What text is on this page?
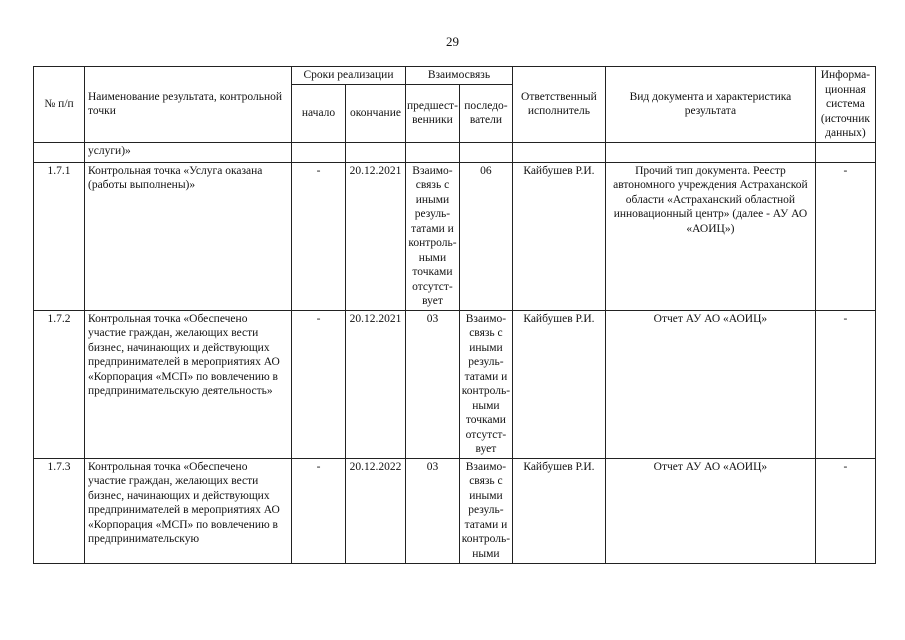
29
№ п/п	Наименование результата, контрольной точки	Сроки реализации		Взаимосвязь		Ответственный исполнитель	Вид документа и характеристика результата	Информа- ционная система (источник данных)
		начало	окончание	предшест- венники	последо- ватели			
	услуги)»							
1.7.1	Контрольная точка «Услуга оказана (работы выполнены)»	-	20.12.2021	Взаимо- связь с иными резуль- татами и контроль- ными точками отсутст- вует	06	Кайбушев Р.И.	Прочий тип документа. Реестр автономного учреждения Астраханской области «Астраханский областной инновационный центр» (далее - АУ АО «АОИЦ»)	-
1.7.2	Контрольная точка «Обеспечено участие граждан, желающих вести бизнес, начинающих и действующих предпринимателей в мероприятиях АО «Корпорация «МСП» по вовлечению в предпринимательскую деятельность»	-	20.12.2021	03	Взаимо- связь с иными резуль- татами и контроль- ными точками отсутст- вует	Кайбушев Р.И.	Отчет АУ АО «АОИЦ»	-
1.7.3	Контрольная точка «Обеспечено участие граждан, желающих вести бизнес, начинающих и действующих предпринимателей в мероприятиях АО «Корпорация «МСП» по вовлечению в предпринимательскую	-	20.12.2022	03	Взаимо- связь с иными резуль- татами и контроль- ными	Кайбушев Р.И.	Отчет АУ АО «АОИЦ»	-
